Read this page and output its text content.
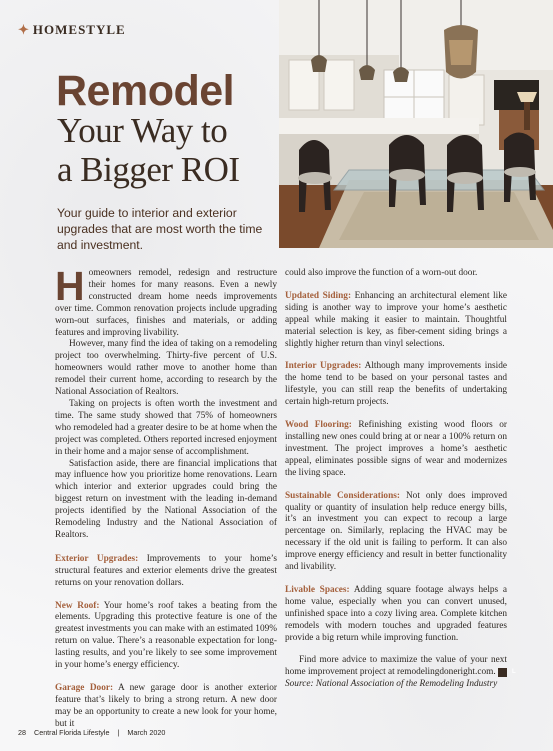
✦ HOMESTYLE
Remodel
Your Way to
a Bigger ROI
Your guide to interior and exterior upgrades that are most worth the time and investment.

Homeowners remodel, redesign and restructure their homes for many reasons. Even a newly constructed dream home needs improvements over time. Common renovation projects include upgrading worn-out surfaces, finishes and materials, or adding features and improving livability.

However, many find the idea of taking on a remodeling project too overwhelming. Thirty-five percent of U.S. homeowners would rather move to another home than remodel their current home, according to research by the National Association of Realtors.

Taking on projects is often worth the investment and time. The same study showed that 75% of homeowners who remodeled had a greater desire to be at home when the project was completed. Others reported incresed enjoyment in their home and a major sense of accomplishment.

Satisfaction aside, there are financial implications that may influence how you prioritize home renovations. Learn which interior and exterior upgrades could bring the biggest return on investment with the leading in-demand projects identified by the National Association of the Remodeling Industry and the National Association of Realtors.

Exterior Upgrades: Improvements to your home’s structural features and exterior elements drive the greatest returns on your renovation dollars.

New Roof: Your home’s roof takes a beating from the elements. Upgrading this protective feature is one of the greatest investments you can make with an estimated 109% return on value. There’s a reasonable expectation for long-lasting results, and you’re likely to see some improvement in your home’s energy efficiency.

Garage Door: A new garage door is another exterior feature that’s likely to bring a strong return. A new door may be an opportunity to create a new look for your home, but it

could also improve the function of a worn-out door.

Updated Siding: Enhancing an architectural element like siding is another way to improve your home’s aesthetic appeal while making it easier to maintain. Thoughtful material selection is key, as fiber-cement siding brings a slightly higher return than vinyl selections.

Interior Upgrades: Although many improvements inside the home tend to be based on your personal tastes and lifestyle, you can still reap the benefits of undertaking certain high-return projects.

Wood Flooring: Refinishing existing wood floors or installing new ones could bring at or near a 100% return on investment. The project improves a home’s aesthetic appeal, eliminates possible signs of wear and modernizes the living space.

Sustainable Considerations: Not only does improved quality or quantity of insulation help reduce energy bills, it’s an investment you can expect to recoup a large percentage on. Similarly, replacing the HVAC may be necessary if the old unit is failing to perform. It can also improve energy efficiency and result in better functionality and livability.

Livable Spaces: Adding square footage always helps a home value, especially when you can convert unused, unfinished space into a cozy living area. Complete kitchen remodels with modern touches and upgraded features provide a big return while improving function.

Find more advice to maximize the value of your next home improvement project at remodelingdoneright.com.	L

Source: National Association of the Remodeling Industry

28 Central Florida Lifestyle | March 2020
